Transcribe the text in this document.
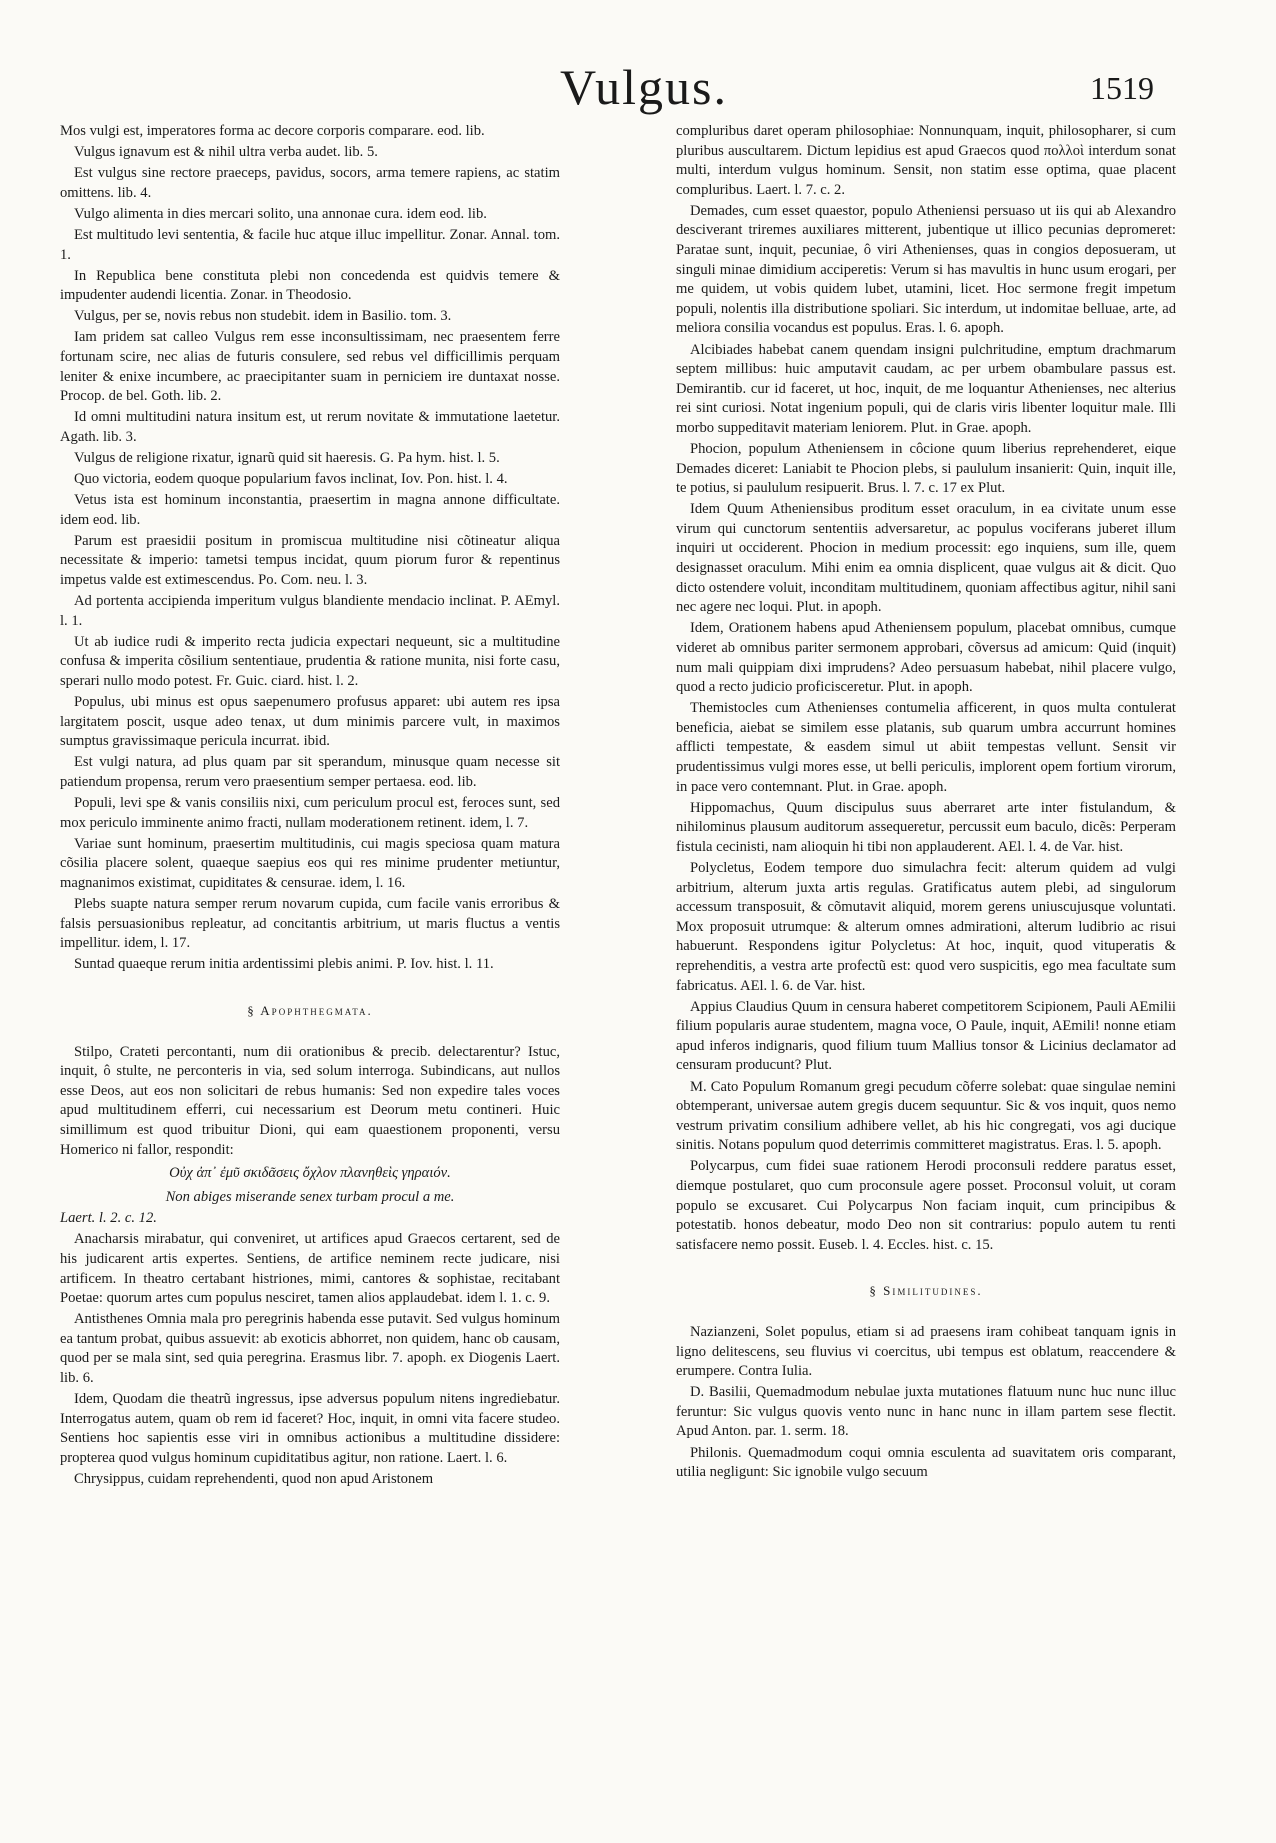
Vulgus.	1519

Mos vulgi est, imperatores forma ac decore corporis comparare. eod. lib.

Vulgus ignavum est & nihil ultra verba audet. lib. 5.

Est vulgus sine rectore praeceps, pavidus, socors, arma temere rapiens, ac statim omittens. lib. 4.

Vulgo alimenta in dies mercari solito, una annonae cura. idem eod. lib.

Est multitudo levi sententia, & facile huc atque illuc impellitur. Zonar. Annal. tom. 1.

In Republica bene constituta plebi non concedenda est quidvis temere & impudenter audendi licentia. Zonar. in Theodosio.

Vulgus, per se, novis rebus non studebit. idem in Basilio. tom. 3.

Iam pridem sat calleo Vulgus rem esse inconsultissimam, nec praesentem ferre fortunam scire, nec alias de futuris consulere, sed rebus vel difficillimis perquam leniter & enixe incumbere, ac praecipitanter suam in perniciem ire duntaxat nosse. Procop. de bel. Goth. lib. 2.

Id omni multitudini natura insitum est, ut rerum novitate & immutatione laetetur. Agath. lib. 3.

Vulgus de religione rixatur, ignarũ quid sit haeresis. G. Pa hym. hist. l. 5.

Quo victoria, eodem quoque popularium favos inclinat, Iov. Pon. hist. l. 4.

Vetus ista est hominum inconstantia, praesertim in magna annone difficultate. idem eod. lib.

Parum est praesidii positum in promiscua multitudine nisi cõtineatur aliqua necessitate & imperio: tametsi tempus incidat, quum piorum furor & repentinus impetus valde est extimescendus. Po. Com. neu. l. 3.

Ad portenta accipienda imperitum vulgus blandiente mendacio inclinat. P. AEmyl. l. 1.

Ut ab iudice rudi & imperito recta judicia expectari nequeunt, sic a multitudine confusa & imperita cõsilium sententiaue, prudentia & ratione munita, nisi forte casu, sperari nullo modo potest. Fr. Guic. ciard. hist. l. 2.

Populus, ubi minus est opus saepenumero profusus apparet: ubi autem res ipsa largitatem poscit, usque adeo tenax, ut dum minimis parcere vult, in maximos sumptus gravissimaque pericula incurrat. ibid.

Est vulgi natura, ad plus quam par sit sperandum, minusque quam necesse sit patiendum propensa, rerum vero praesentium semper pertaesa. eod. lib.

Populi, levi spe & vanis consiliis nixi, cum periculum procul est, feroces sunt, sed mox periculo imminente animo fracti, nullam moderationem retinent. idem, l. 7.

Variae sunt hominum, praesertim multitudinis, cui magis speciosa quam matura cõsilia placere solent, quaeque saepius eos qui res minime prudenter metiuntur, magnanimos existimat, cupiditates & censurae. idem, l. 16.

Plebs suapte natura semper rerum novarum cupida, cum facile vanis erroribus & falsis persuasionibus repleatur, ad concitantis arbitrium, ut maris fluctus a ventis impellitur. idem, l. 17.

Suntad quaeque rerum initia ardentissimi plebis animi. P. Iov. hist. l. 11.

§ Apophthegmata.

Stilpo, Crateti percontanti, num dii orationibus & precib. delectarentur? Istuc, inquit, ô stulte, ne perconteris in via, sed solum interroga. Subindicans, aut nullos esse Deos, aut eos non solicitari de rebus humanis: Sed non expedire tales voces apud multitudinem efferri, cui necessarium est Deorum metu contineri. Huic simillimum est quod tribuitur Dioni, qui eam quaestionem proponenti, versu Homerico ni fallor, respondit:

Οὐχ ἀπ᾿ ἐμῦ σκιδᾶσεις ὄχλον πλανηθεὶς γηραιόν.

Non abiges miserande senex turbam procul a me.

Laert. l. 2. c. 12.

Anacharsis mirabatur, qui conveniret, ut artifices apud Graecos certarent, sed de his judicarent artis expertes. Sentiens, de artifice neminem recte judicare, nisi artificem. In theatro certabant histriones, mimi, cantores & sophistae, recitabant Poetae: quorum artes cum populus nesciret, tamen alios applaudebat. idem l. 1. c. 9.

Antisthenes Omnia mala pro peregrinis habenda esse putavit. Sed vulgus hominum ea tantum probat, quibus assuevit: ab exoticis abhorret, non quidem, hanc ob causam, quod per se mala sint, sed quia peregrina. Erasmus libr. 7. apoph. ex Diogenis Laert. lib. 6.

Idem, Quodam die theatrũ ingressus, ipse adversus populum nitens ingrediebatur. Interrogatus autem, quam ob rem id faceret? Hoc, inquit, in omni vita facere studeo. Sentiens hoc sapientis esse viri in omnibus actionibus a multitudine dissidere: propterea quod vulgus hominum cupiditatibus agitur, non ratione. Laert. l. 6.

Chrysippus, cuidam reprehendenti, quod non apud Aristonem

compluribus daret operam philosophiae: Nonnunquam, inquit, philosopharer, si cum pluribus auscultarem. Dictum lepidius est apud Graecos quod πολλοὶ interdum sonat multi, interdum vulgus hominum. Sensit, non statim esse optima, quae placent compluribus. Laert. l. 7. c. 2.

Demades, cum esset quaestor, populo Atheniensi persuaso ut iis qui ab Alexandro desciverant triremes auxiliares mitterent, jubentique ut illico pecunias depromeret: Paratae sunt, inquit, pecuniae, ô viri Athenienses, quas in congios deposueram, ut singuli minae dimidium acciperetis: Verum si has mavultis in hunc usum erogari, per me quidem, ut vobis quidem lubet, utamini, licet. Hoc sermone fregit impetum populi, nolentis illa distributione spoliari. Sic interdum, ut indomitae belluae, arte, ad meliora consilia vocandus est populus. Eras. l. 6. apoph.

Alcibiades habebat canem quendam insigni pulchritudine, emptum drachmarum septem millibus: huic amputavit caudam, ac per urbem obambulare passus est. Demirantib. cur id faceret, ut hoc, inquit, de me loquantur Athenienses, nec alterius rei sint curiosi. Notat ingenium populi, qui de claris viris libenter loquitur male. Illi morbo suppeditavit materiam leniorem. Plut. in Grae. apoph.

Phocion, populum Atheniensem in côcione quum liberius reprehenderet, eique Demades diceret: Laniabit te Phocion plebs, si paululum insanierit: Quin, inquit ille, te potius, si paululum resipuerit. Brus. l. 7. c. 17 ex Plut.

Idem Quum Atheniensibus proditum esset oraculum, in ea civitate unum esse virum qui cunctorum sententiis adversaretur, ac populus vociferans juberet illum inquiri ut occiderent. Phocion in medium processit: ego inquiens, sum ille, quem designasset oraculum. Mihi enim ea omnia displicent, quae vulgus ait & dicit. Quo dicto ostendere voluit, inconditam multitudinem, quoniam affectibus agitur, nihil sani nec agere nec loqui. Plut. in apoph.

Idem, Orationem habens apud Atheniensem populum, placebat omnibus, cumque videret ab omnibus pariter sermonem approbari, cõversus ad amicum: Quid (inquit) num mali quippiam dixi imprudens? Adeo persuasum habebat, nihil placere vulgo, quod a recto judicio proficisceretur. Plut. in apoph.

Themistocles cum Athenienses contumelia afficerent, in quos multa contulerat beneficia, aiebat se similem esse platanis, sub quarum umbra accurrunt homines afflicti tempestate, & easdem simul ut abiit tempestas vellunt. Sensit vir prudentissimus vulgi mores esse, ut belli periculis, implorent opem fortium virorum, in pace vero contemnant. Plut. in Grae. apoph.

Hippomachus, Quum discipulus suus aberraret arte inter fistulandum, & nihilominus plausum auditorum assequeretur, percussit eum baculo, dicẽs: Perperam fistula cecinisti, nam alioquin hi tibi non applauderent. AEl. l. 4. de Var. hist.

Polycletus, Eodem tempore duo simulachra fecit: alterum quidem ad vulgi arbitrium, alterum juxta artis regulas. Gratificatus autem plebi, ad singulorum accessum transposuit, & cõmutavit aliquid, morem gerens uniuscujusque voluntati. Mox proposuit utrumque: & alterum omnes admirationi, alterum ludibrio ac risui habuerunt. Respondens igitur Polycletus: At hoc, inquit, quod vituperatis & reprehenditis, a vestra arte profectũ est: quod vero suspicitis, ego mea facultate sum fabricatus. AEl. l. 6. de Var. hist.

Appius Claudius Quum in censura haberet competitorem Scipionem, Pauli AEmilii filium popularis aurae studentem, magna voce, O Paule, inquit, AEmili! nonne etiam apud inferos indignaris, quod filium tuum Mallius tonsor & Licinius declamator ad censuram producunt? Plut.

M. Cato Populum Romanum gregi pecudum cõferre solebat: quae singulae nemini obtemperant, universae autem gregis ducem sequuntur. Sic & vos inquit, quos nemo vestrum privatim consilium adhibere vellet, ab his hic congregati, vos agi ducique sinitis. Notans populum quod deterrimis committeret magistratus. Eras. l. 5. apoph.

Polycarpus, cum fidei suae rationem Herodi proconsuli reddere paratus esset, diemque postularet, quo cum proconsule agere posset. Proconsul voluit, ut coram populo se excusaret. Cui Polycarpus Non faciam inquit, cum principibus & potestatib. honos debeatur, modo Deo non sit contrarius: populo autem tu renti satisfacere nemo possit. Euseb. l. 4. Eccles. hist. c. 15.

§ Similitudines.

Nazianzeni, Solet populus, etiam si ad praesens iram cohibeat tanquam ignis in ligno delitescens, seu fluvius vi coercitus, ubi tempus est oblatum, reaccendere & erumpere. Contra Iulia.

D. Basilii, Quemadmodum nebulae juxta mutationes flatuum nunc huc nunc illuc feruntur: Sic vulgus quovis vento nunc in hanc nunc in illam partem sese flectit. Apud Anton. par. 1. serm. 18.

Philonis. Quemadmodum coqui omnia esculenta ad suavitatem oris comparant, utilia negligunt: Sic ignobile vulgo secuum
